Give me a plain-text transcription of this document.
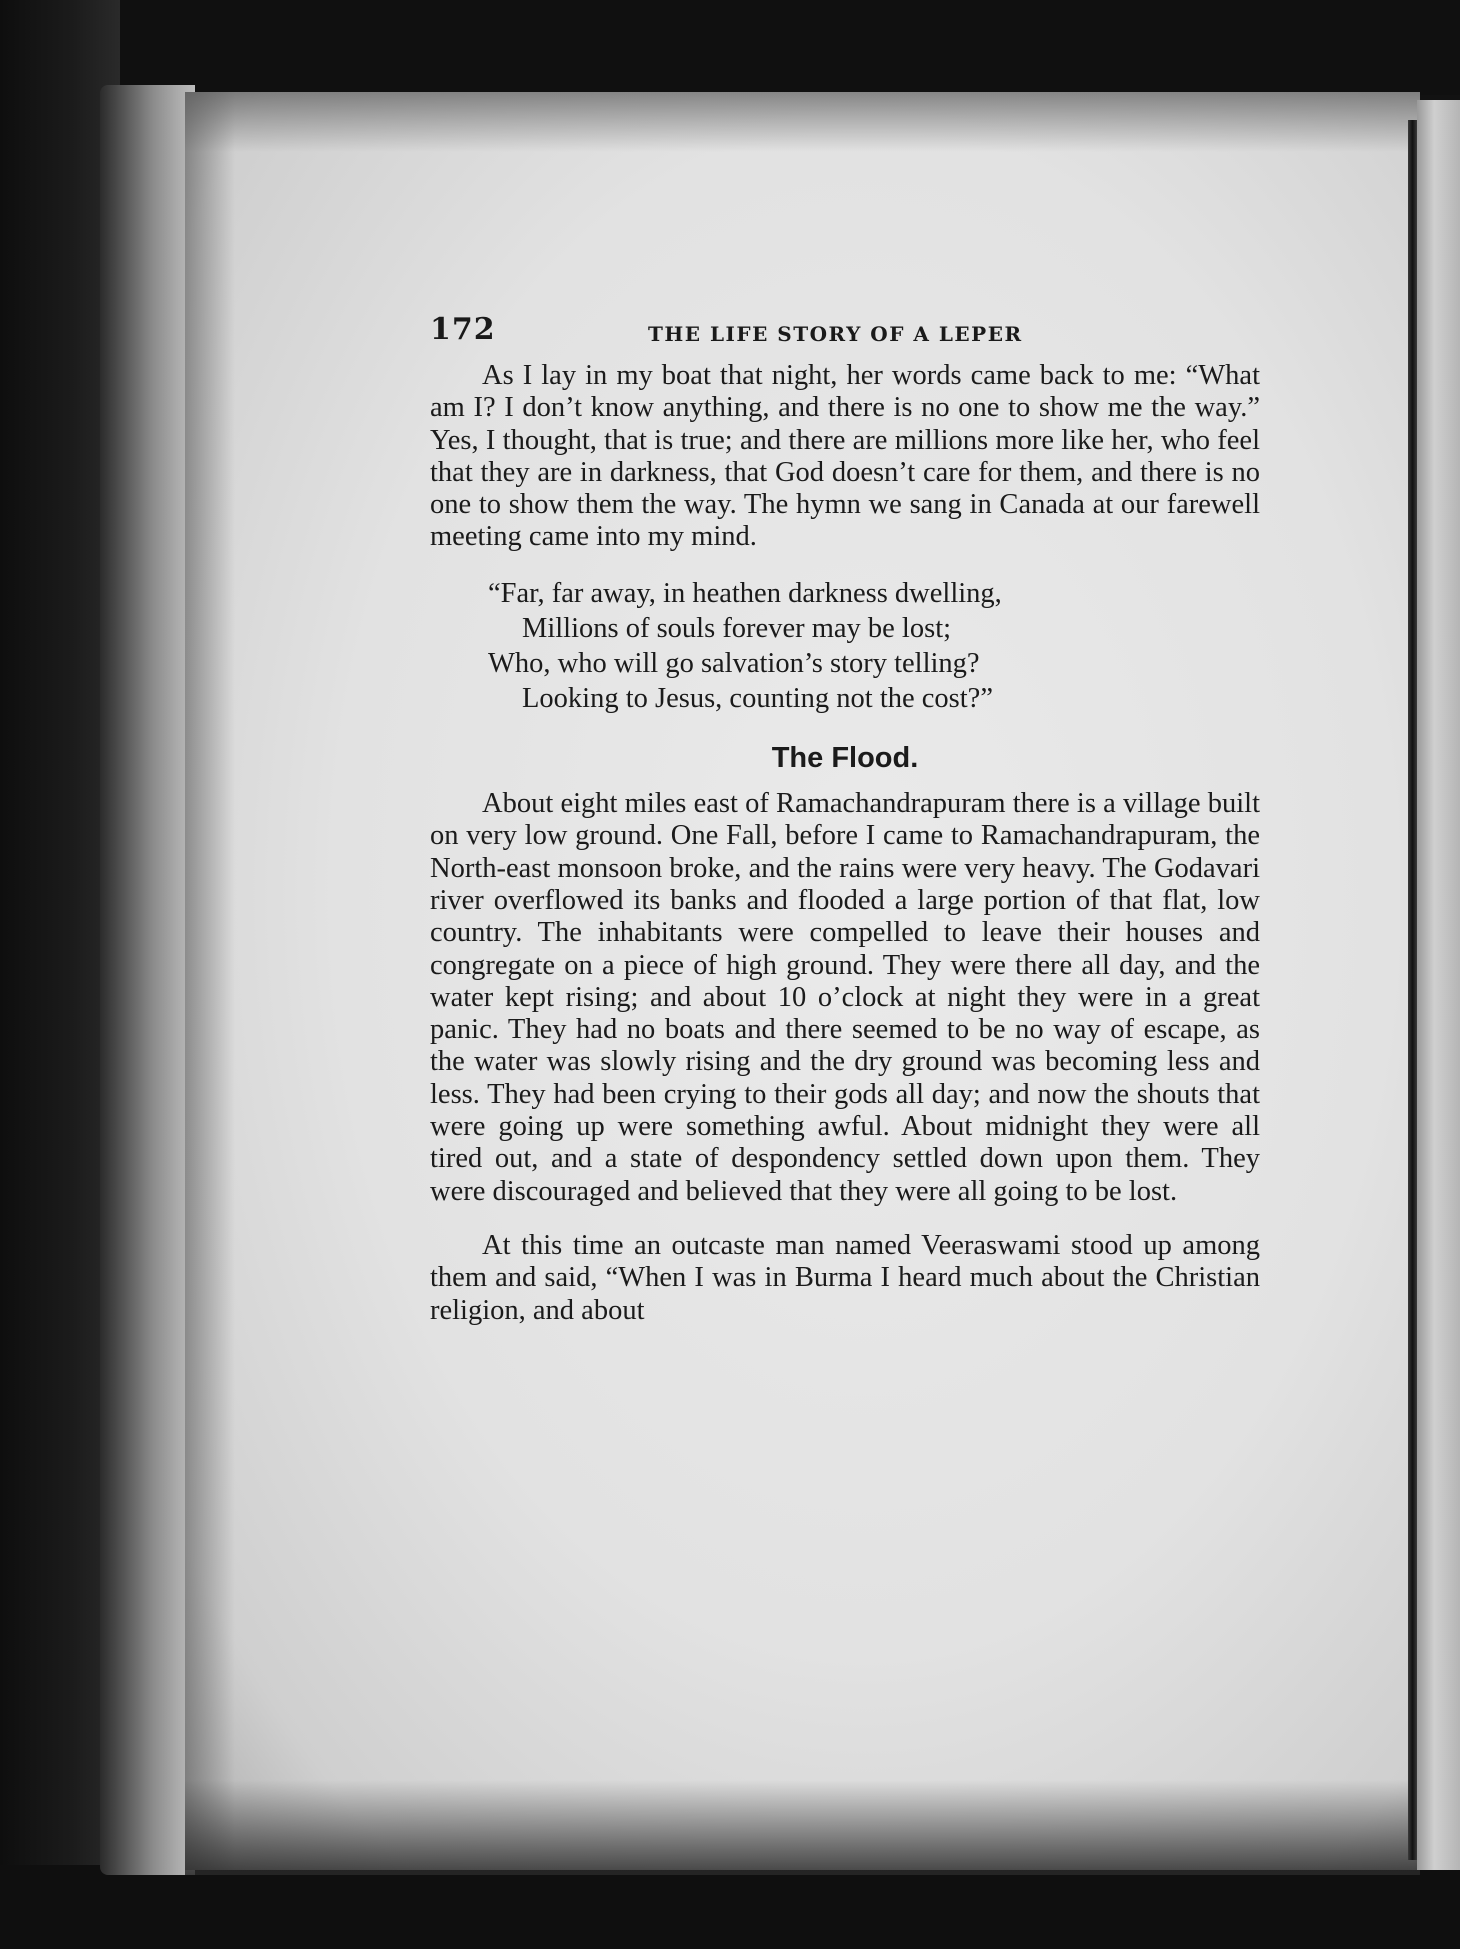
172	THE LIFE STORY OF A LEPER

As I lay in my boat that night, her words came back to me: “What am I? I don’t know anything, and there is no one to show me the way.” Yes, I thought, that is true; and there are millions more like her, who feel that they are in darkness, that God doesn’t care for them, and there is no one to show them the way. The hymn we sang in Canada at our farewell meeting came into my mind.

“Far, far away, in heathen darkness dwelling,
Millions of souls forever may be lost;
Who, who will go salvation’s story telling?
Looking to Jesus, counting not the cost?”
The Flood.

About eight miles east of Ramachandrapuram there is a village built on very low ground. One Fall, before I came to Ramachandrapuram, the North-east monsoon broke, and the rains were very heavy. The Godavari river overflowed its banks and flooded a large portion of that flat, low country. The inhabitants were compelled to leave their houses and congregate on a piece of high ground. They were there all day, and the water kept rising; and about 10 o’clock at night they were in a great panic. They had no boats and there seemed to be no way of escape, as the water was slowly rising and the dry ground was becoming less and less. They had been crying to their gods all day; and now the shouts that were going up were something awful. About midnight they were all tired out, and a state of despondency settled down upon them. They were discouraged and believed that they were all going to be lost.

At this time an outcaste man named Veeraswami stood up among them and said, “When I was in Burma I heard much about the Christian religion, and about
